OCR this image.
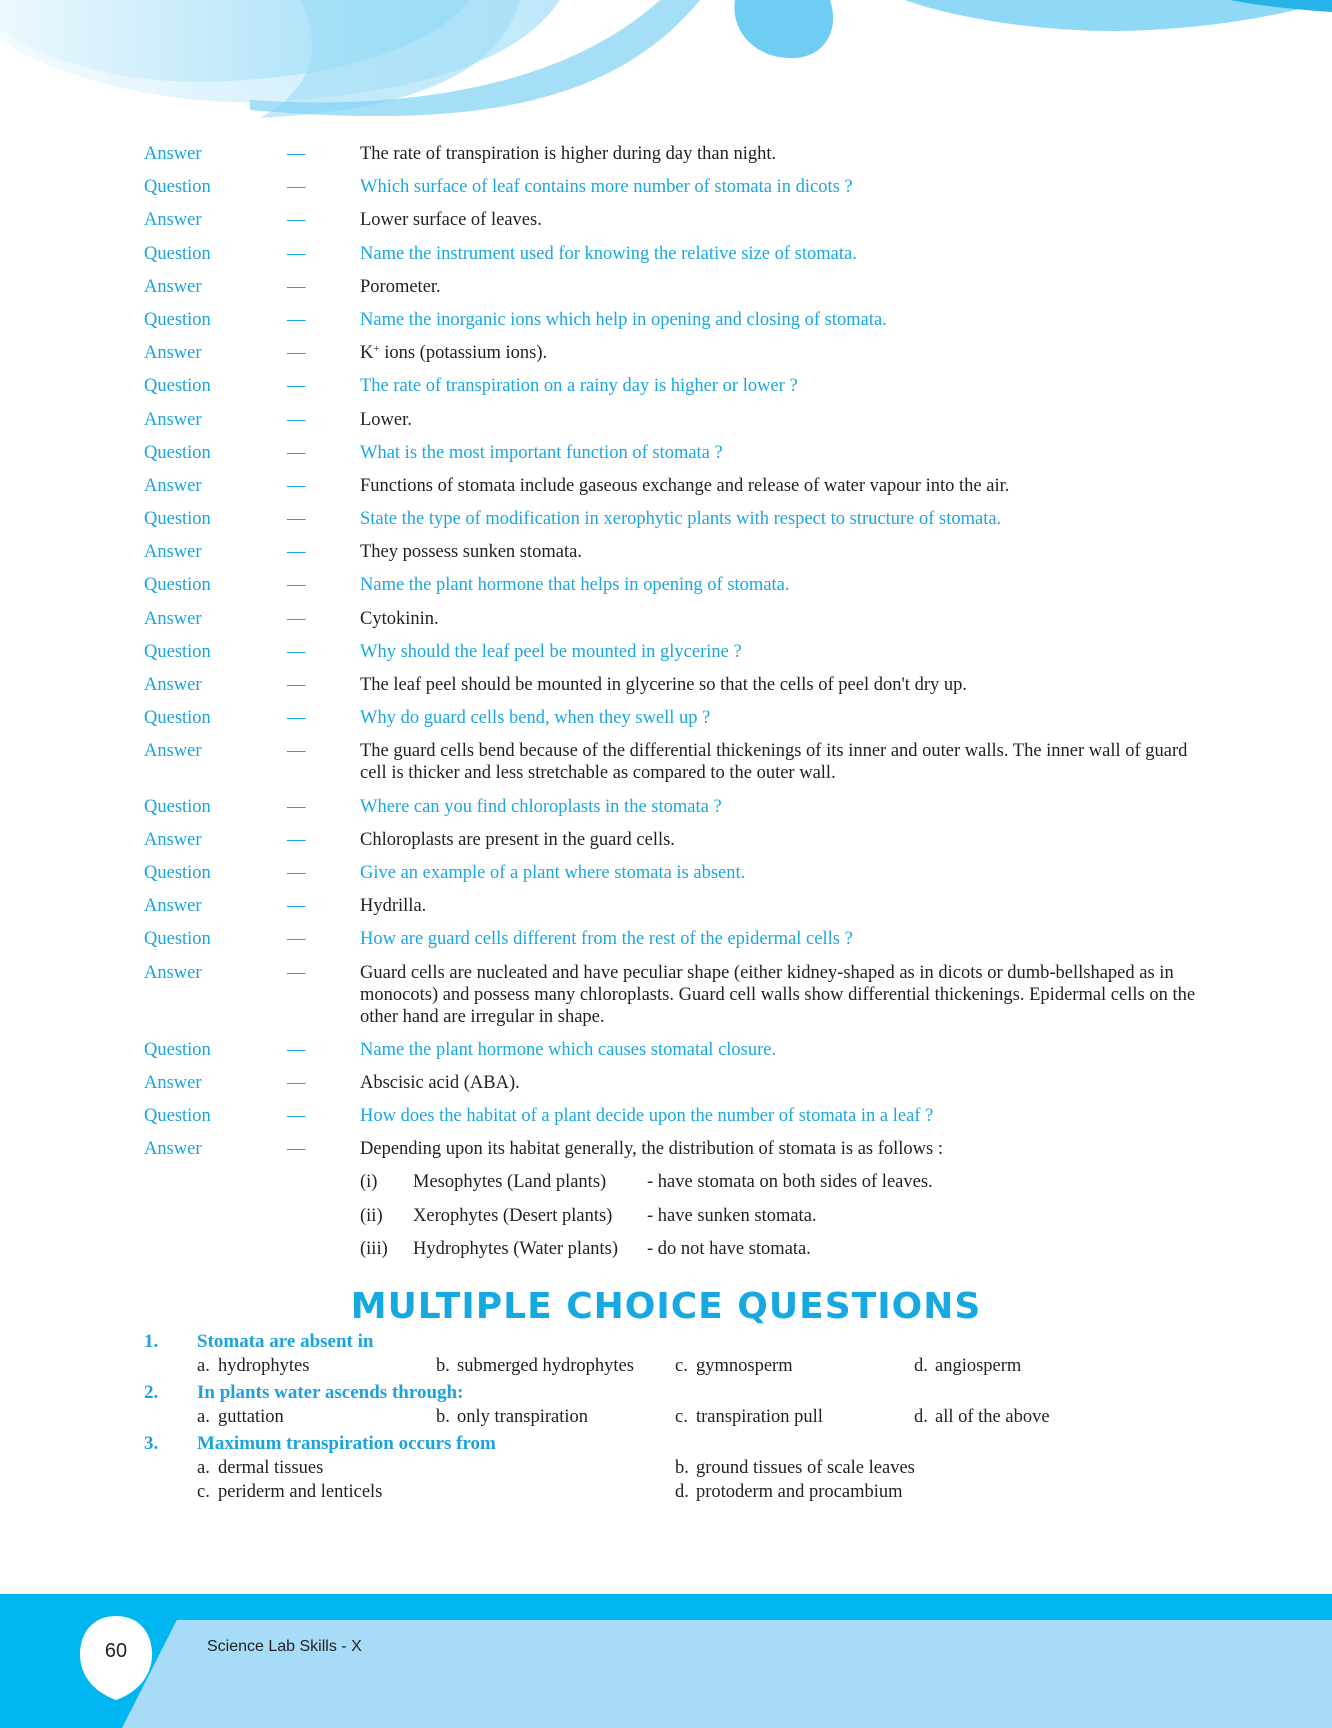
Answer	—	The rate of transpiration is higher during day than night.
Question	—	Which surface of leaf contains more number of stomata in dicots ?
Answer	—	Lower surface of leaves.
Question	—	Name the instrument used for knowing the relative size of stomata.
Answer	—	Porometer.
Question	—	Name the inorganic ions which help in opening and closing of stomata.
Answer	—	K+ ions (potassium ions).
Question	—	The rate of transpiration on a rainy day is higher or lower ?
Answer	—	Lower.
Question	—	What is the most important function of stomata ?
Answer	—	Functions of stomata include gaseous exchange and release of water vapour into the air.
Question	—	State the type of modification in xerophytic plants with respect to structure of stomata.
Answer	—	They possess sunken stomata.
Question	—	Name the plant hormone that helps in opening of stomata.
Answer	—	Cytokinin.
Question	—	Why should the leaf peel be mounted in glycerine ?
Answer	—	The leaf peel should be mounted in glycerine so that the cells of peel don't dry up.
Question	—	Why do guard cells bend, when they swell up ?
Answer	—	The guard cells bend because of the differential thickenings of its inner and outer walls. The inner wall of guard cell is thicker and less stretchable as compared to the outer wall.
Question	—	Where can you find chloroplasts in the stomata ?
Answer	—	Chloroplasts are present in the guard cells.
Question	—	Give an example of a plant where stomata is absent.
Answer	—	Hydrilla.
Question	—	How are guard cells different from the rest of the epidermal cells ?
Answer	—	Guard cells are nucleated and have peculiar shape (either kidney-shaped as in dicots or dumb-bellshaped as in monocots) and possess many chloroplasts. Guard cell walls show differential thickenings. Epidermal cells on the other hand are irregular in shape.
Question	—	Name the plant hormone which causes stomatal closure.
Answer	—	Abscisic acid (ABA).
Question	—	How does the habitat of a plant decide upon the number of stomata in a leaf ?
Answer	—	Depending upon its habitat generally, the distribution of stomata is as follows :
(i)	Mesophytes (Land plants)	- have stomata on both sides of leaves.
(ii)	Xerophytes (Desert plants)	- have sunken stomata.
(iii)	Hydrophytes (Water plants)	- do not have stomata.
MULTIPLE CHOICE QUESTIONS
1.	Stomata are absent in
a. hydrophytes	b. submerged hydrophytes	c. gymnosperm	d. angiosperm
2.	In plants water ascends through:
a. guttation	b. only transpiration	c. transpiration pull	d. all of the above
3.	Maximum transpiration occurs from
a. dermal tissues	b. ground tissues of scale leaves
c. periderm and lenticels	d. protoderm and procambium
60	Science Lab Skills - X
